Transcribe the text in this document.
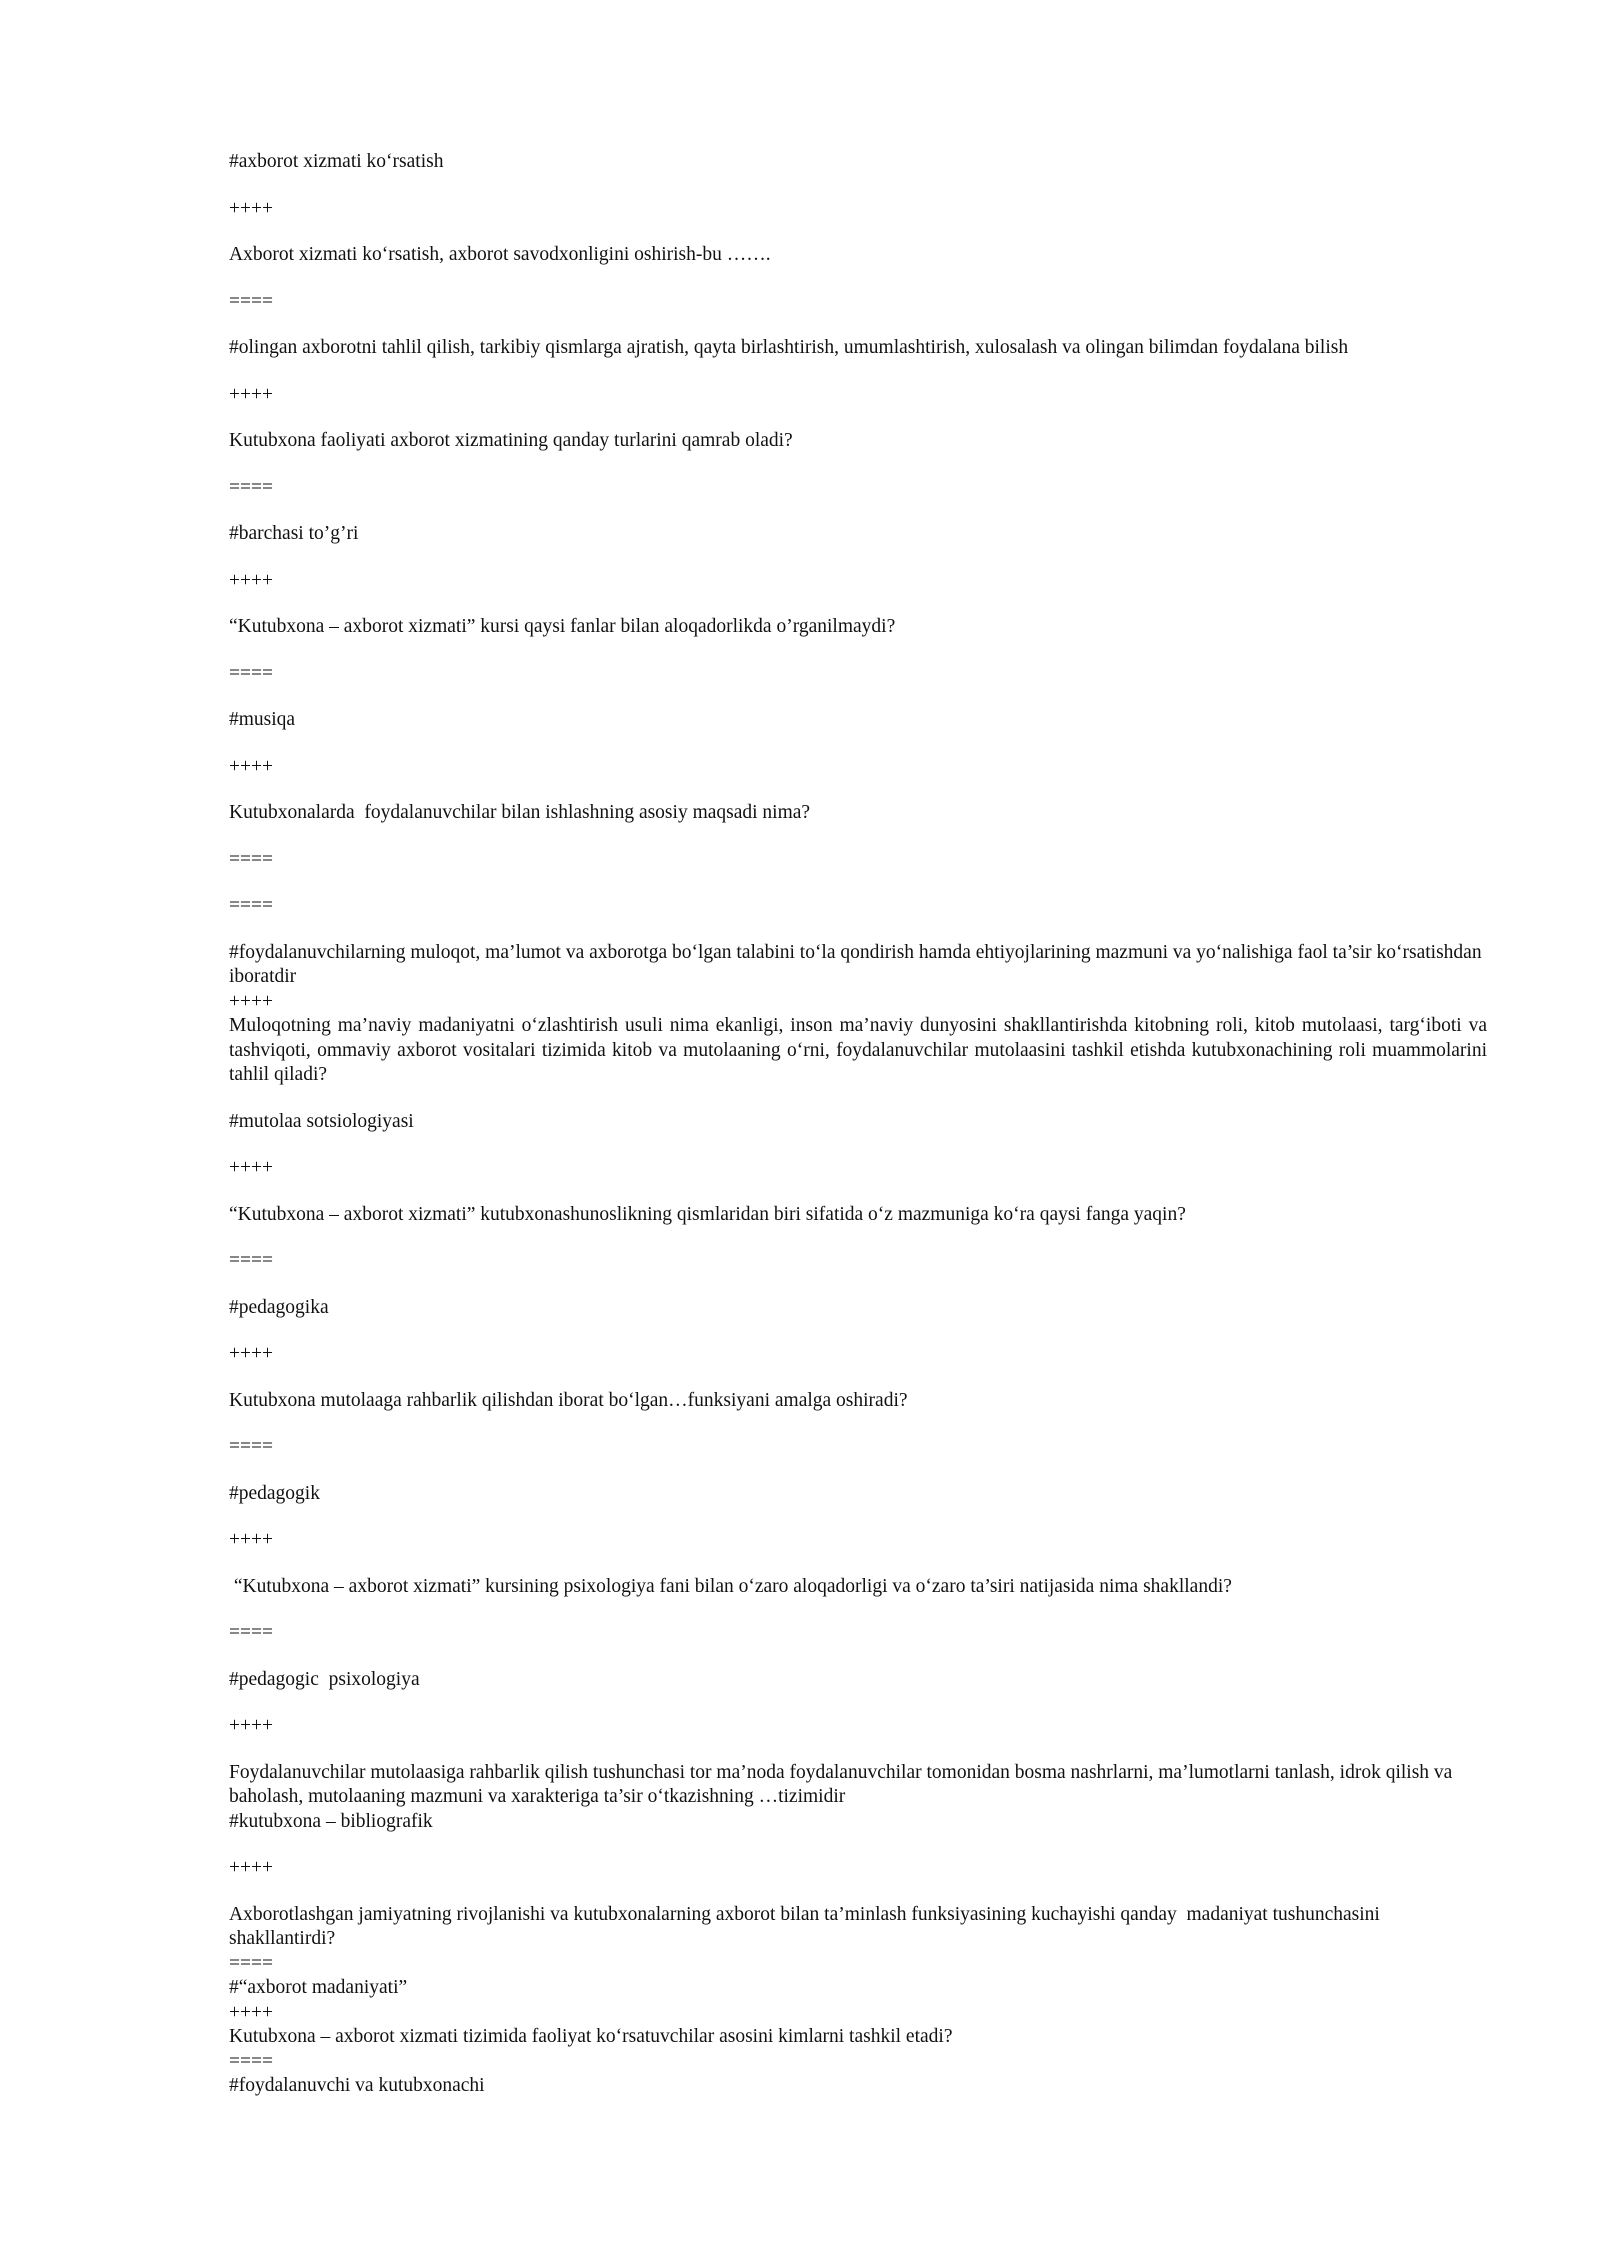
#axborot xizmati ko‘rsatish

++++

Axborot xizmati ko‘rsatish, axborot savodxonligini oshirish-bu …….

====

#olingan axborotni tahlil qilish, tarkibiy qismlarga ajratish, qayta birlashtirish, umumlashtirish, xulosalash va olingan bilimdan foydalana bilish

++++

Kutubxona faoliyati axborot xizmatining qanday turlarini qamrab oladi?

====

#barchasi to’g’ri

++++

“Kutubxona – axborot xizmati” kursi qaysi fanlar bilan aloqadorlikda o’rganilmaydi?

====

#musiqa

++++

Kutubxonalarda  foydalanuvchilar bilan ishlashning asosiy maqsadi nima?

====

====

#foydalanuvchilarning muloqot, ma’lumot va axborotga bo‘lgan talabini to‘la qondirish hamda ehtiyojlarining mazmuni va yo‘nalishiga faol ta’sir ko‘rsatishdan iboratdir

++++

Muloqotning ma’naviy madaniyatni o‘zlashtirish usuli nima ekanligi, inson ma’naviy dunyosini shakllantirishda kitobning roli, kitob mutolaasi, targ‘iboti va tashviqoti, ommaviy axborot vositalari tizimida kitob va mutolaaning o‘rni, foydalanuvchilar mutolaasini tashkil etishda kutubxonachining roli muammolarini tahlil qiladi?

#mutolaa sotsiologiyasi

++++

“Kutubxona – axborot xizmati” kutubxonashunoslikning qismlaridan biri sifatida o‘z mazmuniga ko‘ra qaysi fanga yaqin?

====

#pedagogika

++++

Kutubxona mutolaaga rahbarlik qilishdan iborat bo‘lgan…funksiyani amalga oshiradi?

====

#pedagogik

++++

“Kutubxona – axborot xizmati” kursining psixologiya fani bilan o‘zaro aloqadorligi va o‘zaro ta’siri natijasida nima shakllandi?

====

#pedagogic  psixologiya

++++

Foydalanuvchilar mutolaasiga rahbarlik qilish tushunchasi tor ma’noda foydalanuvchilar tomonidan bosma nashrlarni, ma’lumotlarni tanlash, idrok qilish va baholash, mutolaaning mazmuni va xarakteriga ta’sir o‘tkazishning …tizimidir

#kutubxona – bibliografik

++++

Axborotlashgan jamiyatning rivojlanishi va kutubxonalarning axborot bilan ta’minlash funksiyasining kuchayishi qanday  madaniyat tushunchasini shakllantirdi?

====

#“axborot madaniyati”

++++

Kutubxona – axborot xizmati tizimida faoliyat ko‘rsatuvchilar asosini kimlarni tashkil etadi?

====

#foydalanuvchi va kutubxonachi
